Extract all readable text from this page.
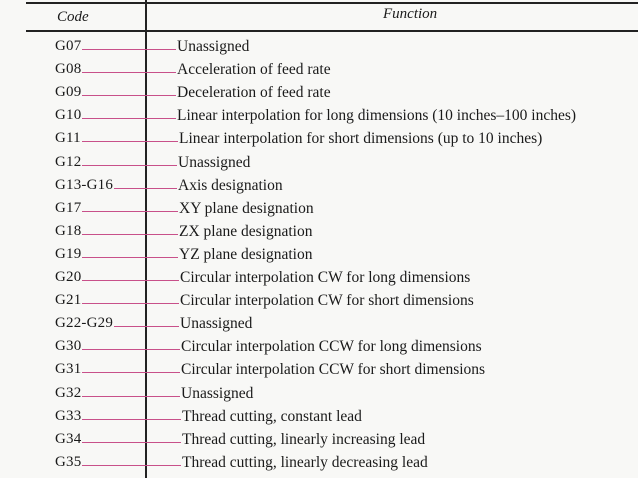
Code	Function
G07	Unassigned
G08	Acceleration of feed rate
G09	Deceleration of feed rate
G10	Linear interpolation for long dimensions (10 inches–100 inches)
G11	Linear interpolation for short dimensions (up to 10 inches)
G12	Unassigned
G13-G16	Axis designation
G17	XY plane designation
G18	ZX plane designation
G19	YZ plane designation
G20	Circular interpolation CW for long dimensions
G21	Circular interpolation CW for short dimensions
G22-G29	Unassigned
G30	Circular interpolation CCW for long dimensions
G31	Circular interpolation CCW for short dimensions
G32	Unassigned
G33	Thread cutting, constant lead
G34	Thread cutting, linearly increasing lead
G35	Thread cutting, linearly decreasing lead
